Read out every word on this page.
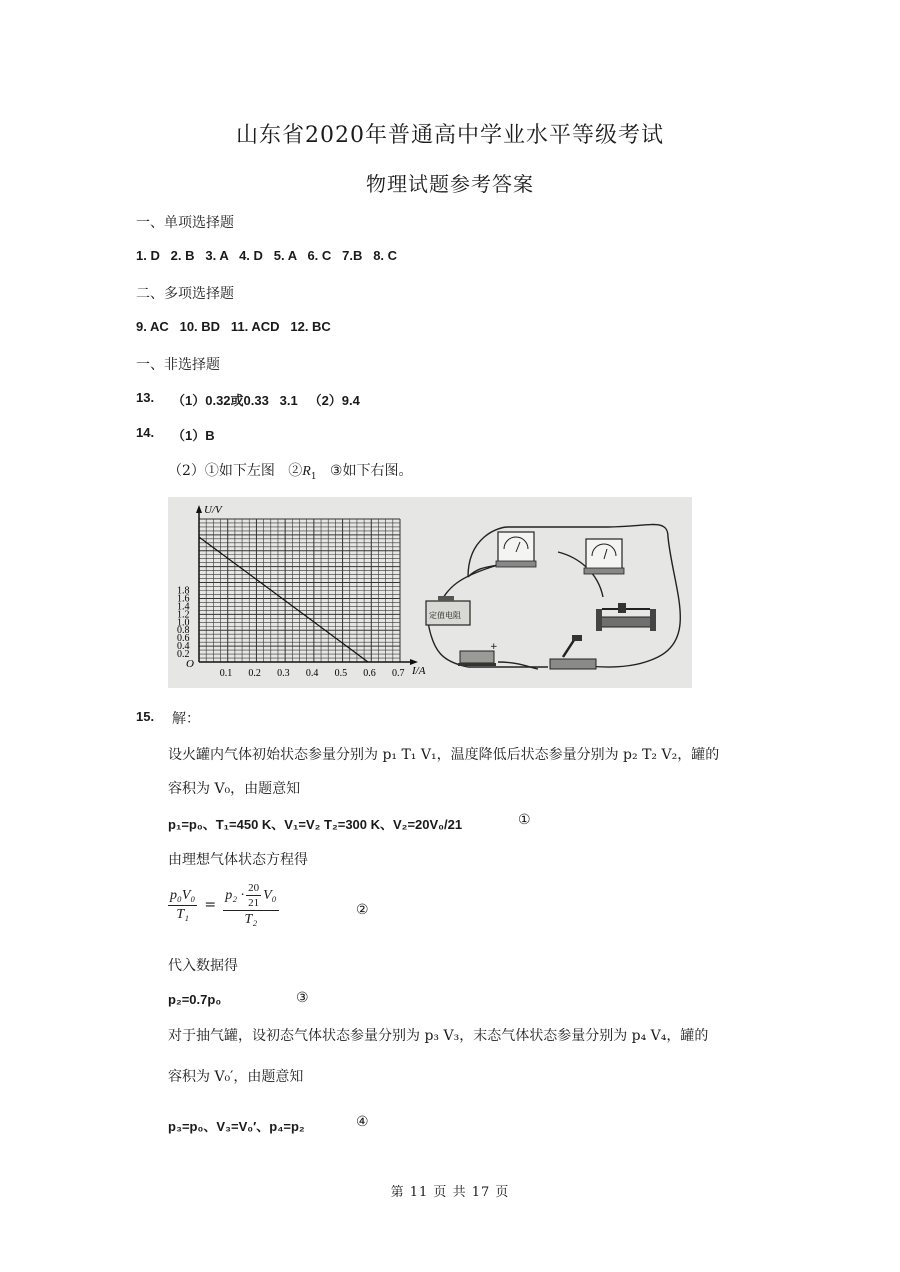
山东省2020年普通高中学业水平等级考试
物理试题参考答案
一、单项选择题
1. D   2. B   3. A   4. D   5. A   6. C   7.B   8. C
二、多项选择题
9. AC   10. BD   11. ACD   12. BC
一、非选择题
13. （1）0.32或0.33   3.1   （2）9.4
14. （1）B
（2）①如下左图   $②R_1$   ③如下右图。
U/V
I/A
O
1.8
1.6
1.4
1.2
1.0
0.8
0.6
0.4
0.2
0.1 0.2 0.3 0.4 0.5 0.6 0.7
定值电阻
+
15. 解：
设火罐内气体初始状态参量分别为 p₁ T₁ V₁，温度降低后状态参量分别为 p₂ T₂ V₂，罐的
容积为 V₀，由题意知
p₁=p₀、T₁=450 K、V₁=V₂ T₂=300 K、V₂=20V₀/21	①
由理想气体状态方程得
$\frac{\text{p₀V₀}}{\text{T₁}} = \frac{p_2 \cdot \frac{20}{21} V_0}{\text{T₂}}$	②
代入数据得
p₂=0.7p₀	③
对于抽气罐，设初态气体状态参量分别为 p₃ V₃，末态气体状态参量分别为 p₄ V₄，罐的
容积为 V₀′，由题意知
p₃=p₀、V₃=V₀′、p₄=p₂	④
第 11 页 共 17 页
